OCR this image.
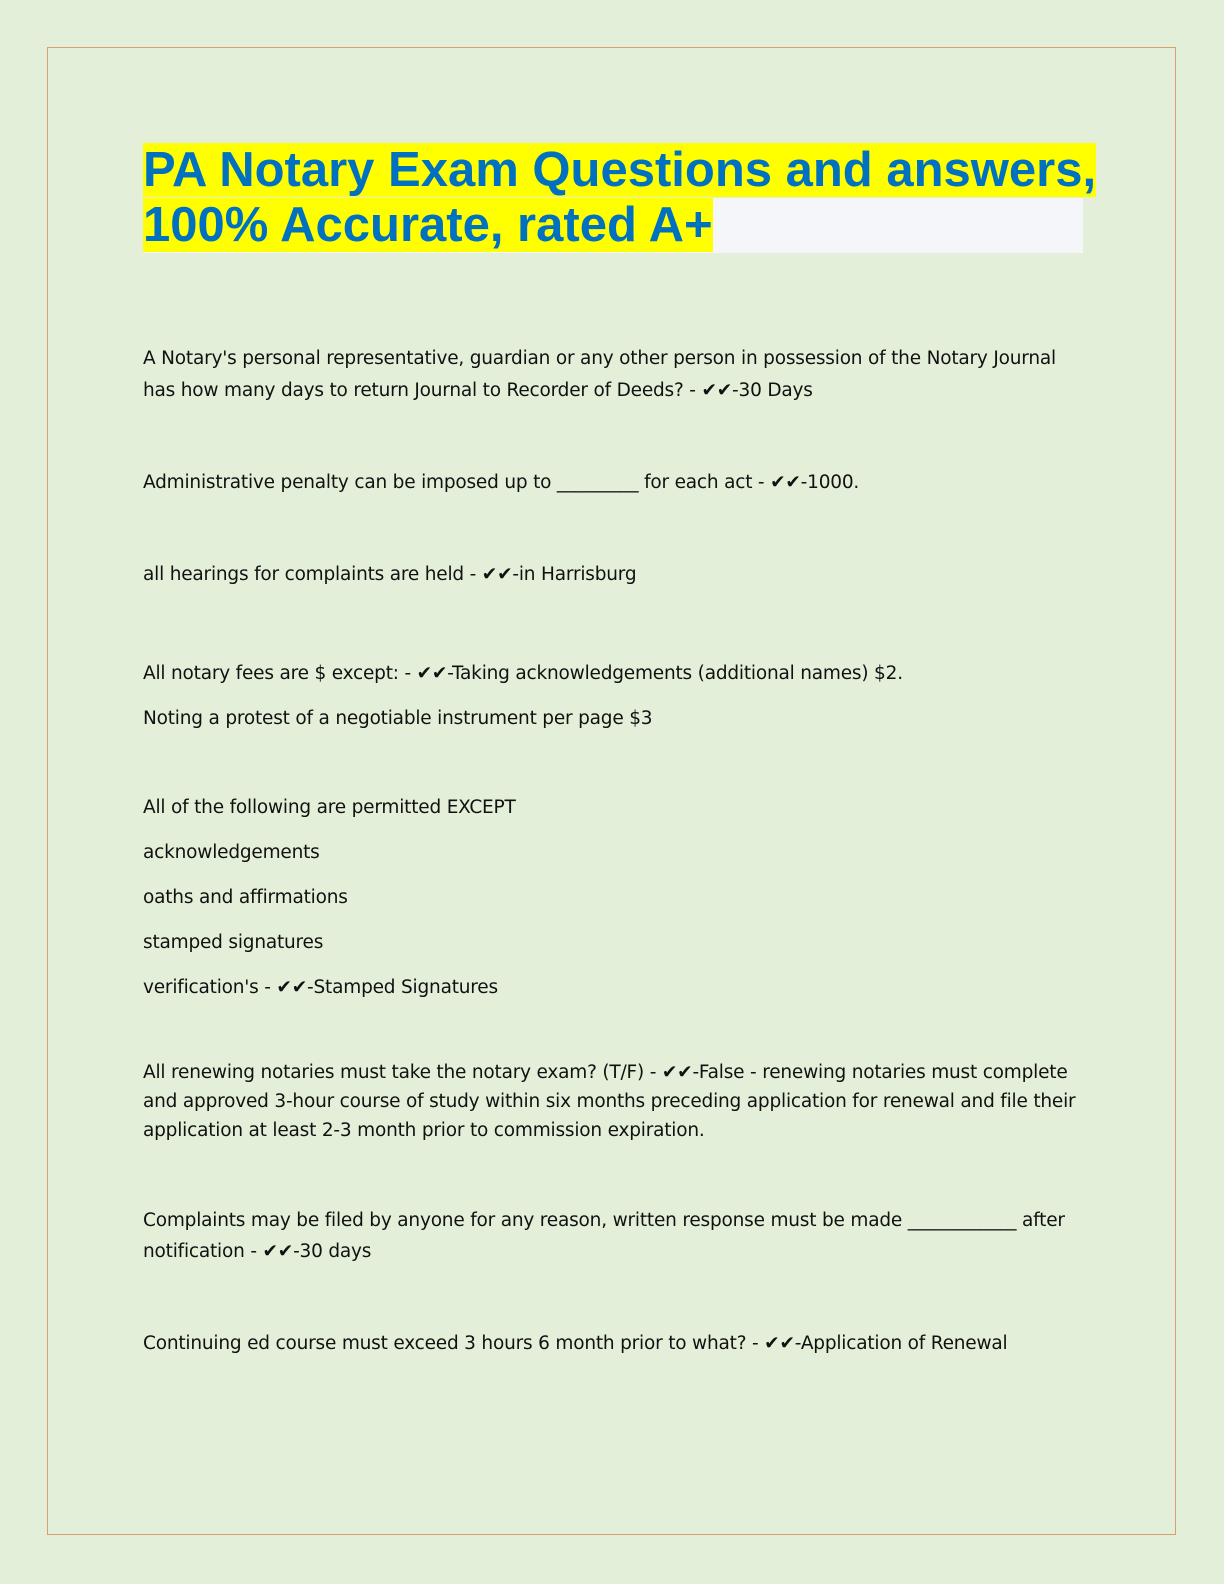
PA Notary Exam Questions and answers,
100% Accurate, rated A+

A Notary's personal representative, guardian or any other person in possession of the Notary Journal

has how many days to return Journal to Recorder of Deeds? - ✔✔-30 Days

Administrative penalty can be imposed up to _________ for each act - ✔✔-1000.

all hearings for complaints are held - ✔✔-in Harrisburg

All notary fees are $ except: - ✔✔-Taking acknowledgements (additional names) $2.

Noting a protest of a negotiable instrument per page $3

All of the following are permitted EXCEPT

acknowledgements

oaths and affirmations

stamped signatures

verification's - ✔✔-Stamped Signatures

All renewing notaries must take the notary exam? (T/F) - ✔✔-False - renewing notaries must complete

and approved 3-hour course of study within six months preceding application for renewal and file their

application at least 2-3 month prior to commission expiration.

Complaints may be filed by anyone for any reason, written response must be made ____________ after

notification - ✔✔-30 days

Continuing ed course must exceed 3 hours 6 month prior to what? - ✔✔-Application of Renewal
